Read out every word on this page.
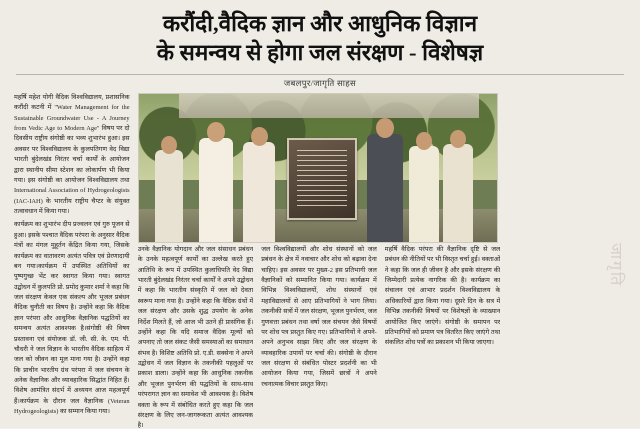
करौंदी,वैदिक ज्ञान और आधुनिक विज्ञान
के समन्वय से होगा जल संरक्षण - विशेषज्ञ
जबलपुर/जागृति साहस

महर्षि महेश योगी वैदिक विश्वविद्यालय, प्रशासनिक करौंदी कटनी में "Water Management for the Sustainable Groundwater Use - A Journey from Vedic Age to Modern Age" विषय पर दो दिवसीय राष्ट्रीय संगोष्ठी का भव्य शुभारंभ हुआ। इस अवसर पर विश्वविद्यालय के कुलपतिगण वेद विद्या भारती बुंदेलखंड निरंतर चर्चा कार्यों के आयोजन द्वारा स्थानीय सीमा स्टेशन का लोकार्पण भी किया गया। इस संगोष्ठी का आयोजन विश्वविद्यालय तथा International Association of Hydrogeologists (IAC-IAH) के भारतीय राष्ट्रीय चैप्टर के संयुक्त तत्वावधान में किया गया।

कार्यक्रम का शुभारंभ दीप प्रज्वलन एवं गुरु पूजन से हुआ। इसके पश्चात वैदिक परंपरा के अनुसार वैदिक मंत्रों का मंगल मुहूर्तन केंद्रित किया गया, जिसके कार्यक्रम का वातावरण अत्यंत पवित्र एवं प्रेरणादायी बन गया।कार्यक्रम में उपस्थित अतिथियों का पुष्पगुच्छ भेंट कर स्वागत किया गया। स्वागत उद्बोधन में कुलपति प्रो. प्रमोद कुमार शर्मा ने कहा कि जल संरक्षण केवल एक संकल्प और भूजल प्रबंधन वैदिक चुनौती का विषय है। उन्होंने कहा कि वैदिक ज्ञान परंपरा और आधुनिक वैज्ञानिक पद्धतियों का समन्वय अत्यंत आवश्यक है।संगोष्ठी की विषय प्रस्तावना एवं संयोजक डॉ. जी. सी. के. एम. पी. चौधरी ने जल विज्ञान के भारतीय वैदिक साहित्य में जल को जीवन का मूल माना गया है। उन्होंने कहा कि प्राचीन भारतीय ग्रंथ परंपरा में जल संचयन के अनेक वैज्ञानिक और व्यावहारिक सिद्धांत निहित हैं। विशेष आमंत्रित संदर्भ में अध्ययन आज महत्वपूर्ण हैं।कार्यक्रम के दौरान जल वैज्ञानिक (Veteran Hydrogeologists) का सम्मान किया गया।

उनके वैज्ञानिक योगदान और जल संसाधन प्रबंधन के उनके महत्वपूर्ण कार्यों का उल्लेख करते हुए आतिथि के रूप में उपस्थित कुलाधिपति वेद विद्या भारती बुंदेलखंड निरंतर चर्चा कार्यों ने अपने उद्बोधन में कहा कि भारतीय संस्कृति में जल को देवता स्वरूप माना गया है। उन्होंने कहा कि वैदिक ग्रंथों में जल संरक्षण और उसके शुद्ध उपयोग के अनेक निर्देश मिलते हैं, जो आज भी उतने ही प्रासंगिक हैं। उन्होंने कहा कि यदि समाज वैदिक मूल्यों को अपनाए तो जल संकट जैसी समस्याओं का समाधान संभव है। विशिष्ट अतिथि प्रो. ए.डी. सक्सेना ने अपने उद्बोधन में जल विज्ञान के तकनीकी पहलुओं पर प्रकाश डाला। उन्होंने कहा कि आधुनिक तकनीक और भूजल पुनर्भरण की पद्धतियों के साथ-साथ परंपरागत ज्ञान का समावेश भी आवश्यक है। विशेष वक्ता के रूप में संबोधित करते हुए कहा कि जल संरक्षण के लिए जन-जागरूकता अत्यंत आवश्यक है।

जल विश्वविद्यालयों और शोध संस्थानों को जल प्रबंधन के क्षेत्र में नवाचार और शोध को बढ़ावा देना चाहिए। इस अवसर पर मुख्य-2 इस प्रतिभागी जल वैज्ञानिकों को सम्मानित किया गया। कार्यक्रम में विभिन्न विश्वविद्यालयों, शोध संस्थानों एवं महाविद्यालयों से आए प्रतिभागियों ने भाग लिया। तकनीकी सत्रों में जल संरक्षण, भूजल पुनर्भरण, जल गुणवत्ता प्रबंधन तथा वर्षा जल संचयन जैसे विषयों पर शोध पत्र प्रस्तुत किए गए। प्रतिभागियों ने अपने-अपने अनुभव साझा किए और जल संरक्षण के व्यावहारिक उपायों पर चर्चा की। संगोष्ठी के दौरान जल संरक्षण से संबंधित पोस्टर प्रदर्शनी का भी आयोजन किया गया, जिसमें छात्रों ने अपने रचनात्मक विचार प्रस्तुत किए।

महर्षि वैदिक परंपरा की वैज्ञानिक दृष्टि से जल प्रबंधन की नीतियों पर भी विस्तृत चर्चा हुई। वक्ताओं ने कहा कि जल ही जीवन है और इसके संरक्षण की जिम्मेदारी प्रत्येक नागरिक की है। कार्यक्रम का संचालन एवं आभार प्रदर्शन विश्वविद्यालय के अधिकारियों द्वारा किया गया। दूसरे दिन के सत्र में विभिन्न तकनीकी विषयों पर विशेषज्ञों के व्याख्यान आयोजित किए जाएंगे। संगोष्ठी के समापन पर प्रतिभागियों को प्रमाण पत्र वितरित किए जाएंगे तथा संकलित शोध पत्रों का प्रकाशन भी किया जाएगा।

जागृति
